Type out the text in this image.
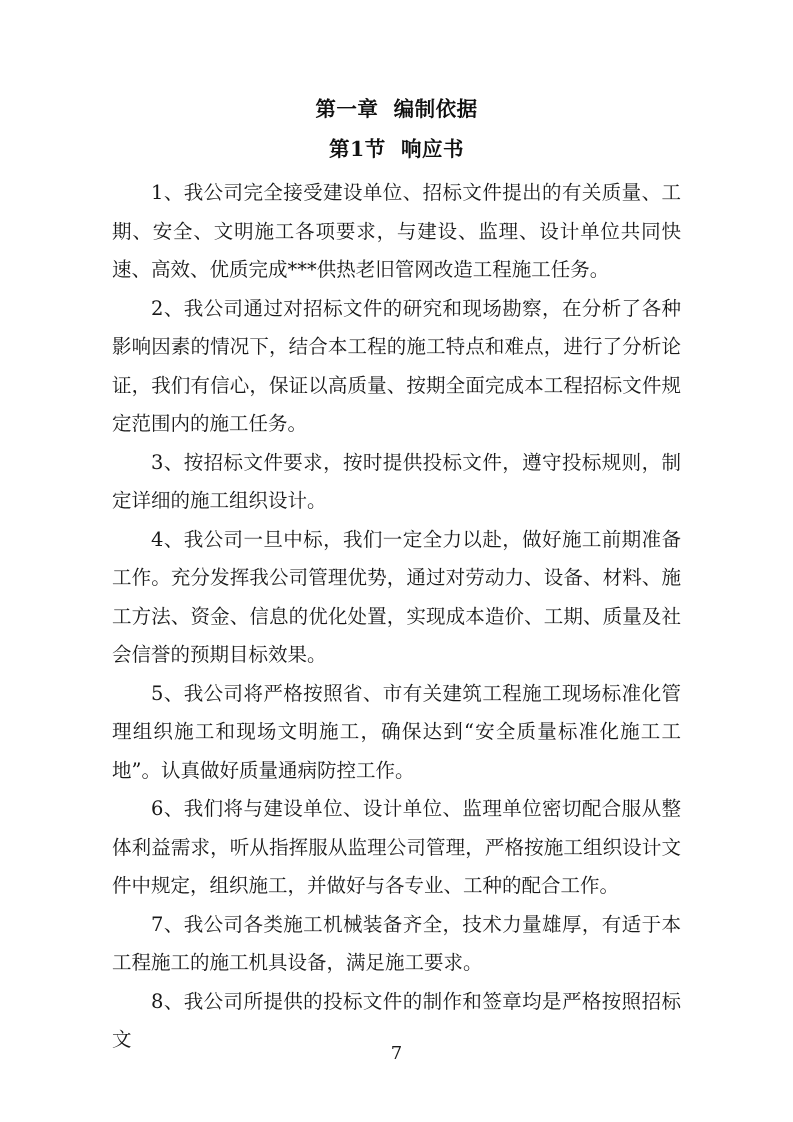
第一章  编制依据
第1节  响应书

1、我公司完全接受建设单位、招标文件提出的有关质量、工期、安全、文明施工各项要求，与建设、监理、设计单位共同快速、高效、优质完成***供热老旧管网改造工程施工任务。

2、我公司通过对招标文件的研究和现场勘察，在分析了各种影响因素的情况下，结合本工程的施工特点和难点，进行了分析论证，我们有信心，保证以高质量、按期全面完成本工程招标文件规定范围内的施工任务。

3、按招标文件要求，按时提供投标文件，遵守投标规则，制定详细的施工组织设计。

4、我公司一旦中标，我们一定全力以赴，做好施工前期准备工作。充分发挥我公司管理优势，通过对劳动力、设备、材料、施工方法、资金、信息的优化处置，实现成本造价、工期、质量及社会信誉的预期目标效果。

5、我公司将严格按照省、市有关建筑工程施工现场标准化管理组织施工和现场文明施工，确保达到“安全质量标准化施工工地”。认真做好质量通病防控工作。

6、我们将与建设单位、设计单位、监理单位密切配合服从整体利益需求，听从指挥服从监理公司管理，严格按施工组织设计文件中规定，组织施工，并做好与各专业、工种的配合工作。

7、我公司各类施工机械装备齐全，技术力量雄厚，有适于本工程施工的施工机具设备，满足施工要求。

8、我公司所提供的投标文件的制作和签章均是严格按照招标文

7
